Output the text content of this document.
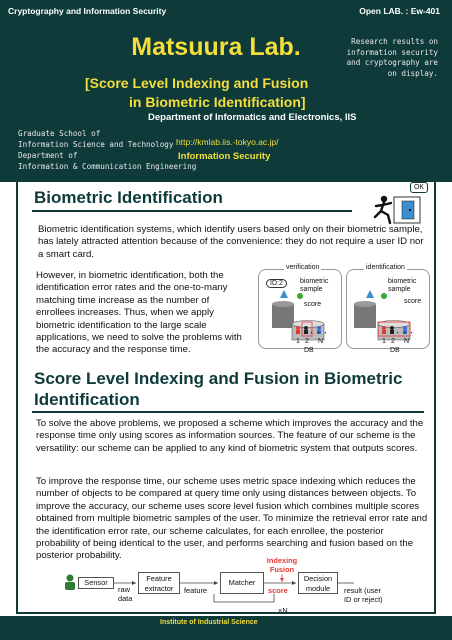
Cryptography and Information Security	Open LAB. : Ew-401
Matsuura Lab.	Research results on information security and cryptography are on display.
[Score Level Indexing and Fusion
in Biometric Identification]
Department of Informatics and Electronics, IIS
Graduate School of
Information Science and Technology
Department of
Information & Communication Engineering
http://kmlab.iis.-tokyo.ac.jp/
Information Security
Biometric Identification
OK
Biometric identification systems, which identify users based only on their biometric sample, has lately attracted attention because of the convenience: they do not require a user ID nor a smart card.
However, in biometric identification, both the identification error rates and the one-to-many matching time increase as the number of enrollees increases. Thus, when we apply biometric identification to the large scale applications, we need to solve the problems with the accuracy and the response time.
verification	identification
ID:2	biometric sample
biometric sample
score	score
1 2
・・・
N	1 2
・・・
N
DB	DB
Score Level Indexing and Fusion in Biometric
Identification
To solve the above problems, we proposed a scheme which improves the accuracy and the response time only using scores as information sources. The feature of our scheme is the versatility: our scheme can be applied to any kind of biometric system that outputs scores.
To improve the response time, our scheme uses metric space indexing which reduces the number of objects to be compared at query time only using distances between objects. To improve the accuracy, our scheme uses score level fusion which combines multiple scores obtained from multiple biometric samples of the user. To minimize the retrieval error rate and the identification error rate, our scheme calculates, for each enrollee, the posterior probability of being identical to the user, and performs searching and fusion based on the posterior probability.
Sensor
raw
data
Feature
extractor	feature
Matcher
Indexing
Fusion
score
×N
Decision
module	result (user
ID or reject)
Institute of Industrial Science
